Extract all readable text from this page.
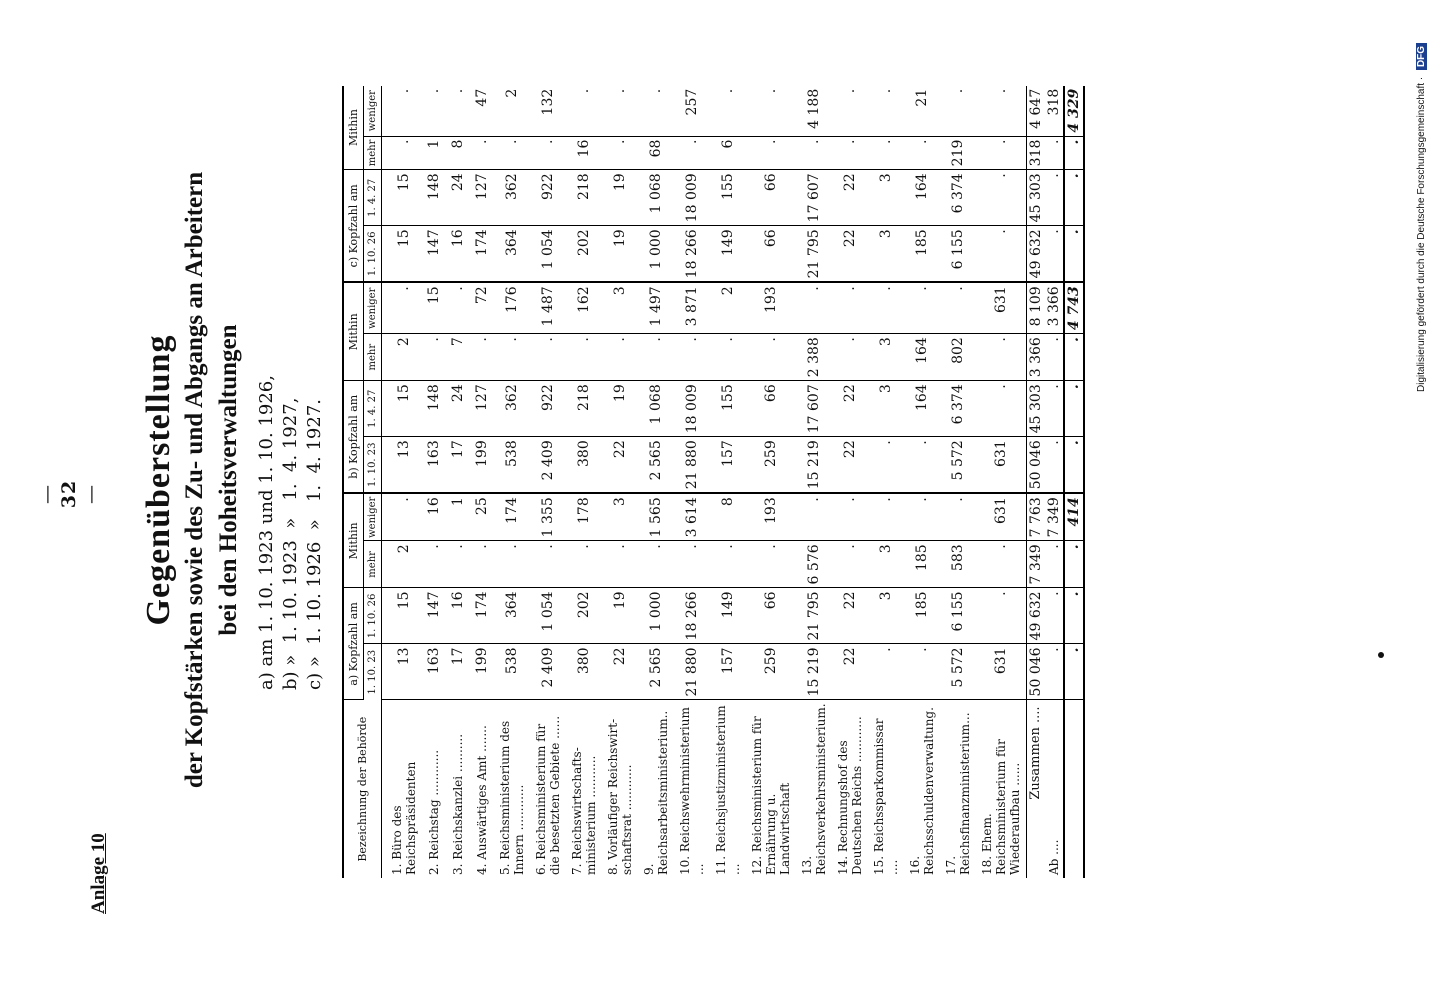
— 32 —
Anlage 10
Gegenüberstellung der Kopfstärken sowie des Zu- und Abgangs an Arbeitern bei den Hoheitsverwaltungen a) am 1. 10. 1923 und 1. 10. 1926, b) »  1. 10. 1923  »   1.  4. 1927, c) »  1. 10. 1926  »   1.  4. 1927.
Bezeichnung der Behörde	a) Kopfzahl am		Mithin		b) Kopfzahl am		Mithin		c) Kopfzahl am		Mithin	
	1. 10. 23	1. 10. 26	mehr	weniger	1. 10. 23	1. 4. 27	mehr	weniger	1. 10. 26	1. 4. 27	mehr	weniger
1. Büro des Reichspräsidenten	13	15	2	.	13	15	2	.	15	15	.	.
2. Reichstag ............	163	147	.	16	163	148	.	15	147	148	1	.
3. Reichskanzlei ..........	17	16	.	1	17	24	7	.	16	24	8	.
4. Auswärtiges Amt .......	199	174	.	25	199	127	.	72	174	127	.	47
5. Reichsministerium des Innern ............	538	364	.	174	538	362	.	176	364	362	.	2
6. Reichsministerium für die besetzten Gebiete ......	2 409	1 054	.	1 355	2 409	922	.	1 487	1 054	922	.	132
7. Reichswirtschafts-ministerium ...........	380	202	.	178	380	218	.	162	202	218	16	.
8. Vorläufiger Reichswirt-schaftsrat ............	22	19	.	3	22	19	.	3	19	19	.	.
9. Reichsarbeitsministerium..	2 565	1 000	.	1 565	2 565	1 068	.	1 497	1 000	1 068	68	.
10. Reichswehrministerium ...	21 880	18 266	.	3 614	21 880	18 009	.	3 871	18 266	18 009	.	257
11. Reichsjustizministerium ...	157	149	.	8	157	155	.	2	149	155	6	.
12. Reichsministerium für Ernährung u. Landwirtschaft	259	66	.	193	259	66	.	193	66	66	.	.
13. Reichsverkehrsministerium.	15 219	21 795	6 576	.	15 219	17 607	2 388	.	21 795	17 607	.	4 188
14. Rechnungshof des Deutschen Reichs ............	22	22	.	.	22	22	.	.	22	22	.	.
15. Reichssparkommissar ....	.	3	3	.	.	3	3	.	3	3	.	.
16. Reichsschuldenverwaltung.	.	185	185	.	.	164	164	.	185	164	.	21
17. Reichsfinanzministerium...	5 572	6 155	583	.	5 572	6 374	802	.	6 155	6 374	219	.
18. Ehem. Reichsministerium für Wiederaufbau ......	631	.	.	631	631	.	.	631	.	.	.	.
Zusammen ....	50 046	49 632	7 349	7 763	50 046	45 303	3 366	8 109	49 632	45 303	318	4 647
Ab ....	.	.	.	7 349	.	.	.	3 366	.	.	.	318
	.	.	.	414	.	.	.	4 743	.	.	.	4 329	Digitalisierung gefördert durch die Deutsche Forschungsgemeinschaft · DFG
